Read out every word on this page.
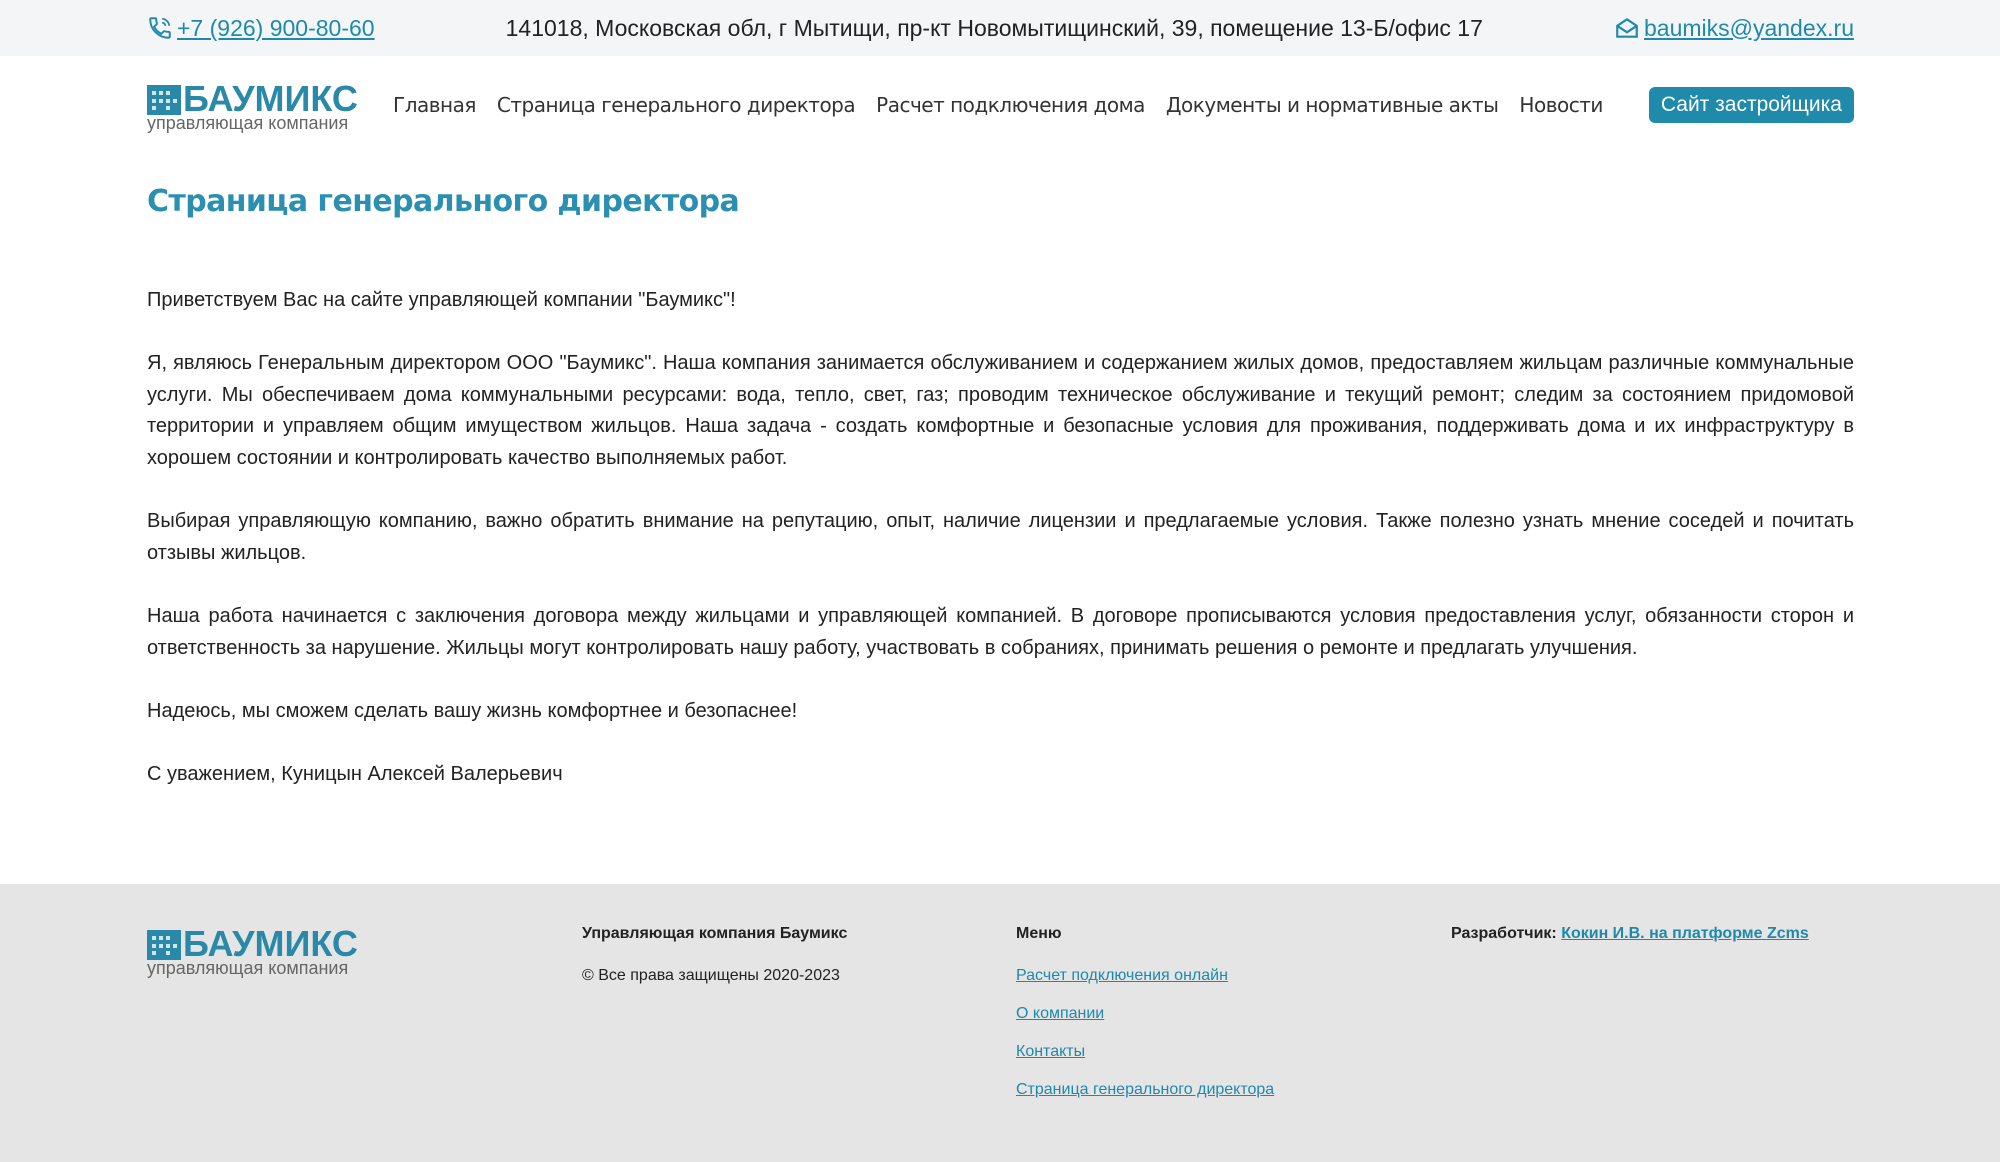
+7 (926) 900-80-60	141018, Московская обл, г Мытищи, пр-кт Новомытищинский, 39, помещение 13-Б/офис 17	baumiks@yandex.ru
БАУМИКС
управляющая компания
Главная Страница генерального директора Расчет подключения дома Документы и нормативные акты Новости	Сайт застройщика
Страница генерального директора

Приветствуем Вас на сайте управляющей компании "Баумикс"!

Я, являюсь Генеральным директором ООО "Баумикс". Наша компания занимается обслуживанием и содержанием жилых домов, предоставляем жильцам различные коммунальные услуги. Мы обеспечиваем дома коммунальными ресурсами: вода, тепло, свет, газ; проводим техническое обслуживание и текущий ремонт; следим за состоянием придомовой территории и управляем общим имуществом жильцов. Наша задача - создать комфортные и безопасные условия для проживания, поддерживать дома и их инфраструктуру в хорошем состоянии и контролировать качество выполняемых работ.

Выбирая управляющую компанию, важно обратить внимание на репутацию, опыт, наличие лицензии и предлагаемые условия. Также полезно узнать мнение соседей и почитать отзывы жильцов.

Наша работа начинается с заключения договора между жильцами и управляющей компанией. В договоре прописываются условия предоставления услуг, обязанности сторон и ответственность за нарушение. Жильцы могут контролировать нашу работу, участвовать в собраниях, принимать решения о ремонте и предлагать улучшения.

Надеюсь, мы сможем сделать вашу жизнь комфортнее и безопаснее!

С уважением, Куницын Алексей Валерьевич

БАУМИКС
управляющая компания
Управляющая компания Баумикс
© Все права защищены 2020-2023
Меню
Расчет подключения онлайн
О компании
Контакты
Страница генерального директора
Разработчик: Кокин И.В. на платформе Zcms
